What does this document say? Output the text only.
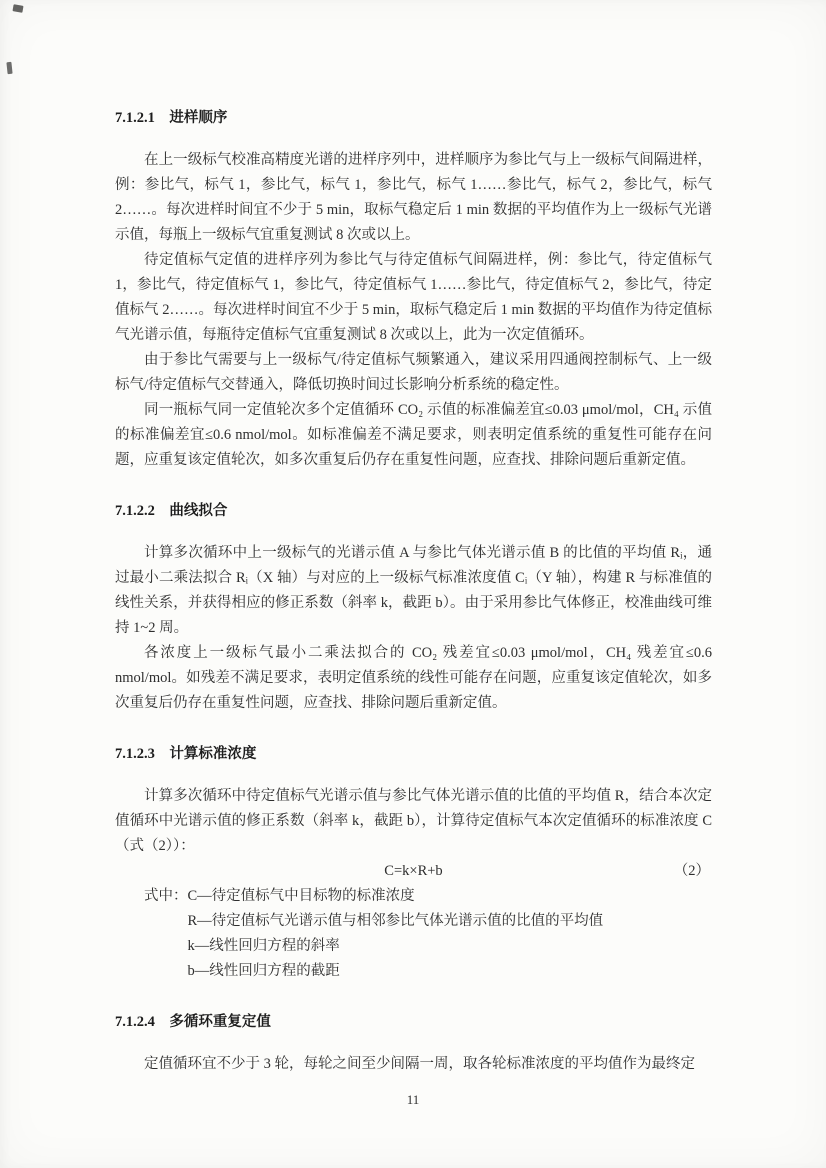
7.1.2.1　进样顺序

在上一级标气校准高精度光谱的进样序列中，进样顺序为参比气与上一级标气间隔进样，例：参比气，标气 1，参比气，标气 1，参比气，标气 1……参比气，标气 2，参比气，标气 2……。每次进样时间宜不少于 5 min，取标气稳定后 1 min 数据的平均值作为上一级标气光谱示值，每瓶上一级标气宜重复测试 8 次或以上。

待定值标气定值的进样序列为参比气与待定值标气间隔进样，例：参比气，待定值标气 1，参比气，待定值标气 1，参比气，待定值标气 1……参比气，待定值标气 2，参比气，待定值标气 2……。每次进样时间宜不少于 5 min，取标气稳定后 1 min 数据的平均值作为待定值标气光谱示值，每瓶待定值标气宜重复测试 8 次或以上，此为一次定值循环。

由于参比气需要与上一级标气/待定值标气频繁通入，建议采用四通阀控制标气、上一级标气/待定值标气交替通入，降低切换时间过长影响分析系统的稳定性。

同一瓶标气同一定值轮次多个定值循环 CO₂ 示值的标准偏差宜≤0.03 μmol/mol，CH₄ 示值的标准偏差宜≤0.6 nmol/mol。如标准偏差不满足要求，则表明定值系统的重复性可能存在问题，应重复该定值轮次，如多次重复后仍存在重复性问题，应查找、排除问题后重新定值。

7.1.2.2　曲线拟合

计算多次循环中上一级标气的光谱示值 A 与参比气体光谱示值 B 的比值的平均值 Rᵢ，通过最小二乘法拟合 Rᵢ（X 轴）与对应的上一级标气标准浓度值 Cᵢ（Y 轴），构建 R 与标准值的线性关系，并获得相应的修正系数（斜率 k，截距 b）。由于采用参比气体修正，校准曲线可维持 1~2 周。

各浓度上一级标气最小二乘法拟合的 CO₂ 残差宜≤0.03 μmol/mol，CH₄ 残差宜≤0.6 nmol/mol。如残差不满足要求，表明定值系统的线性可能存在问题，应重复该定值轮次，如多次重复后仍存在重复性问题，应查找、排除问题后重新定值。

7.1.2.3　计算标准浓度

计算多次循环中待定值标气光谱示值与参比气体光谱示值的比值的平均值 R，结合本次定值循环中光谱示值的修正系数（斜率 k，截距 b），计算待定值标气本次定值循环的标准浓度 C（式（2））：

C=k×R+b	（2）

式中：C—待定值标气中目标物的标准浓度

R—待定值标气光谱示值与相邻参比气体光谱示值的比值的平均值

k—线性回归方程的斜率

b—线性回归方程的截距

7.1.2.4　多循环重复定值

定值循环宜不少于 3 轮，每轮之间至少间隔一周，取各轮标准浓度的平均值作为最终定

11
